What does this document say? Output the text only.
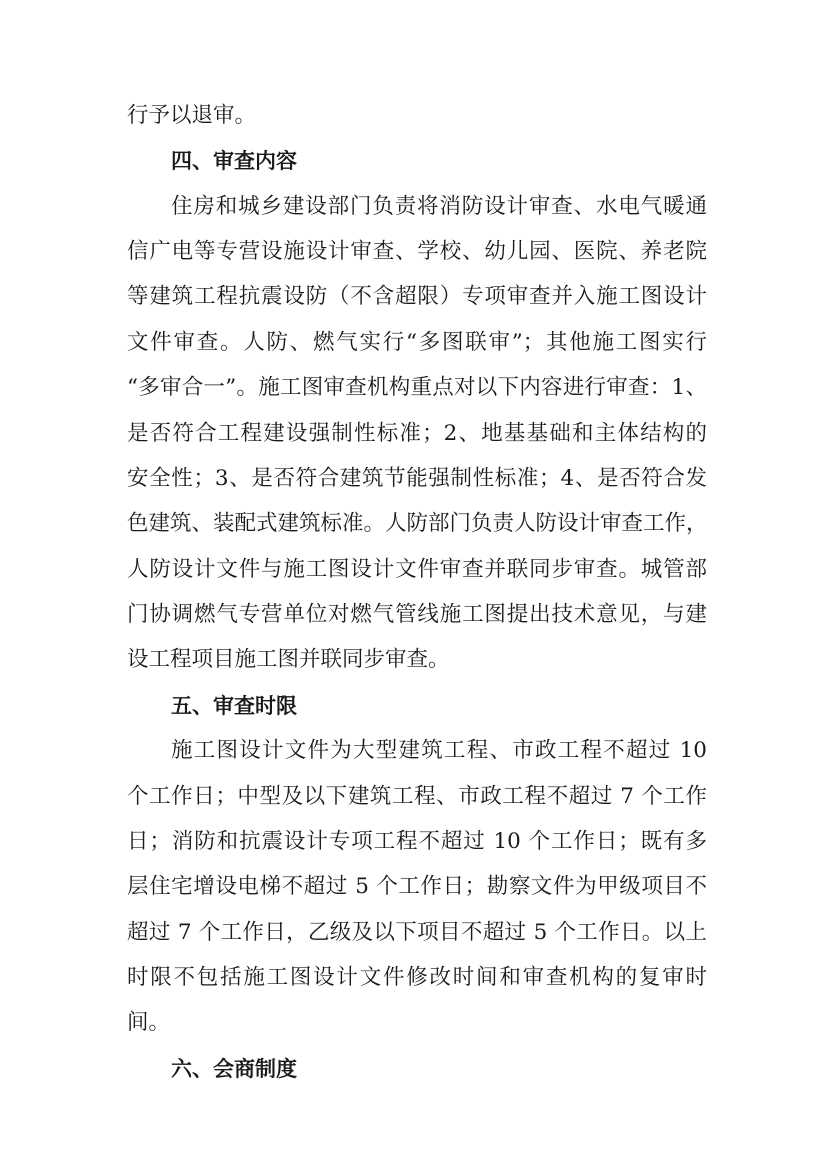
行予以退审。
四、审查内容
住房和城乡建设部门负责将消防设计审查、水电气暖通
信广电等专营设施设计审查、学校、幼儿园、医院、养老院
等建筑工程抗震设防（不含超限）专项审查并入施工图设计
文件审查。人防、燃气实行“多图联审”；其他施工图实行
“多审合一”。施工图审查机构重点对以下内容进行审查：1、
是否符合工程建设强制性标准；2、地基基础和主体结构的
安全性；3、是否符合建筑节能强制性标准；4、是否符合发
色建筑、装配式建筑标准。人防部门负责人防设计审查工作，
人防设计文件与施工图设计文件审查并联同步审查。城管部
门协调燃气专营单位对燃气管线施工图提出技术意见，与建
设工程项目施工图并联同步审查。
五、审查时限
施工图设计文件为大型建筑工程、市政工程不超过 10
个工作日；中型及以下建筑工程、市政工程不超过 7 个工作
日；消防和抗震设计专项工程不超过 10 个工作日；既有多
层住宅增设电梯不超过 5 个工作日；勘察文件为甲级项目不
超过 7 个工作日，乙级及以下项目不超过 5 个工作日。以上
时限不包括施工图设计文件修改时间和审查机构的复审时
间。
六、会商制度
